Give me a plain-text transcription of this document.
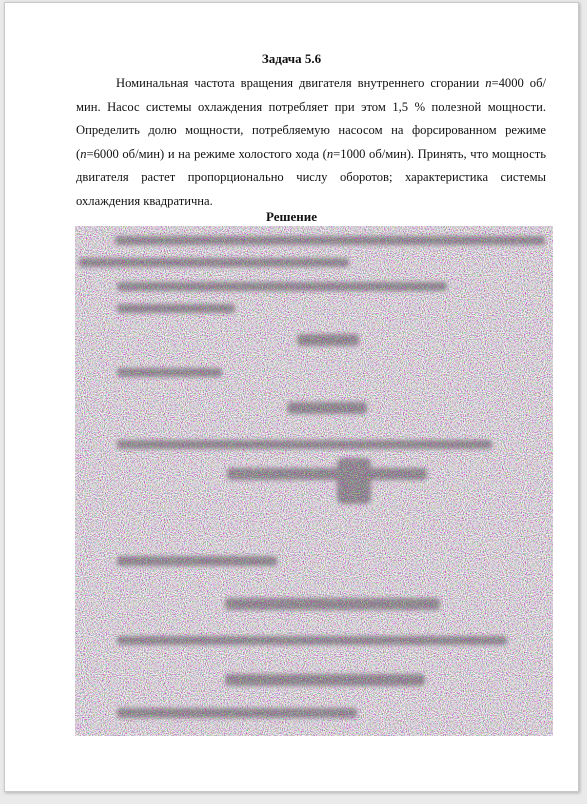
Задача 5.6

Номинальная частота вращения двигателя внутреннего сгорании n=4000 об/мин. Насос системы охлаждения потребляет при этом 1,5 % полезной мощности. Определить долю мощности, потребляемую насосом на форсированном режиме (n=6000 об/мин) и на режиме холостого хода (n=1000 об/мин). Принять, что мощность двигателя растет пропорционально числу оборотов; характеристика системы охлаждения квадратична.

Решение
